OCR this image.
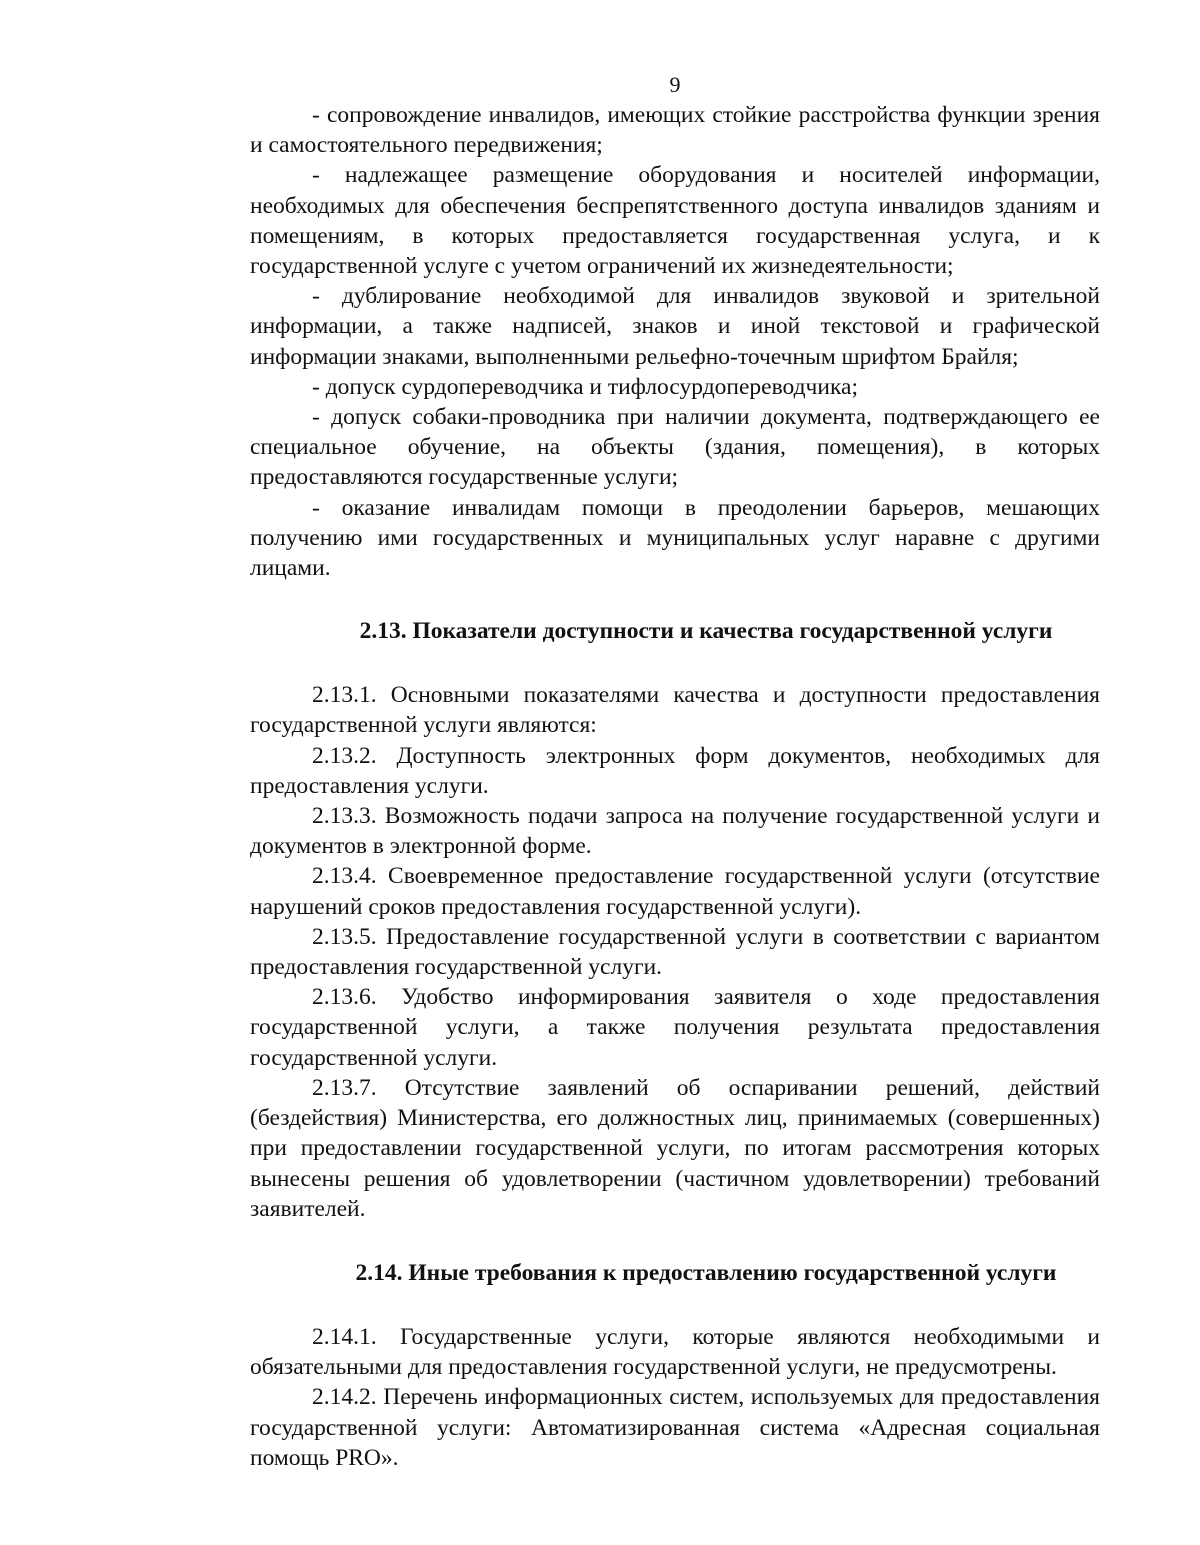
9

- сопровождение инвалидов, имеющих стойкие расстройства функции зрения и самостоятельного передвижения;

- надлежащее размещение оборудования и носителей информации, необходимых для обеспечения беспрепятственного доступа инвалидов зданиям и помещениям, в которых предоставляется государственная услуга, и к государственной услуге с учетом ограничений их жизнедеятельности;

- дублирование необходимой для инвалидов звуковой и зрительной информации, а также надписей, знаков и иной текстовой и графической информации знаками, выполненными рельефно-точечным шрифтом Брайля;

- допуск сурдопереводчика и тифлосурдопереводчика;

- допуск собаки-проводника при наличии документа, подтверждающего ее специальное обучение, на объекты (здания, помещения), в которых предоставляются государственные услуги;

- оказание инвалидам помощи в преодолении барьеров, мешающих получению ими государственных и муниципальных услуг наравне с другими лицами.

2.13. Показатели доступности и качества государственной услуги

2.13.1. Основными показателями качества и доступности предоставления государственной услуги являются:

2.13.2. Доступность электронных форм документов, необходимых для предоставления услуги.

2.13.3. Возможность подачи запроса на получение государственной услуги и документов в электронной форме.

2.13.4. Своевременное предоставление государственной услуги (отсутствие нарушений сроков предоставления государственной услуги).

2.13.5. Предоставление государственной услуги в соответствии с вариантом предоставления государственной услуги.

2.13.6. Удобство информирования заявителя о ходе предоставления государственной услуги, а также получения результата предоставления государственной услуги.

2.13.7. Отсутствие заявлений об оспаривании решений, действий (бездействия) Министерства, его должностных лиц, принимаемых (совершенных) при предоставлении государственной услуги, по итогам рассмотрения которых вынесены решения об удовлетворении (частичном удовлетворении) требований заявителей.

2.14. Иные требования к предоставлению государственной услуги

2.14.1. Государственные услуги, которые являются необходимыми и обязательными для предоставления государственной услуги, не предусмотрены.

2.14.2. Перечень информационных систем, используемых для предоставления государственной услуги: Автоматизированная система «Адресная социальная помощь PRO».
